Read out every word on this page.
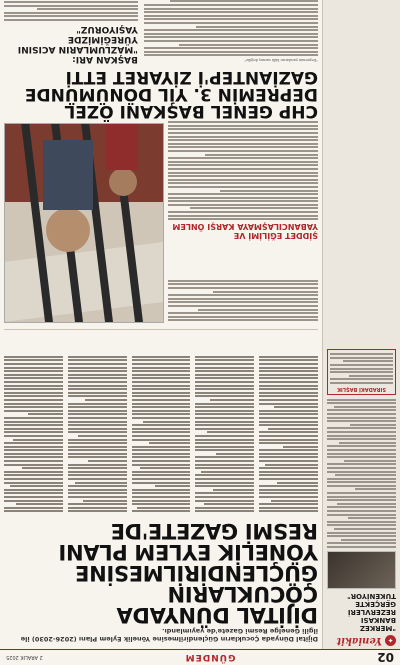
02
GÜNDEM
2 ARALIK 2025
✦
Yeniakit
"MERKEZ BANKASI REZERVLERİ GERÇEKTE TÜKENİYOR"
SIRADAKİ BAŞLIK
Dijital Dünyada Çocukların Güçlendirilmesine Yönelik Eylem Planı (2026-2030) ile ilgili Genelge Resmi Gazete'de yayımlandı.
DİJİTAL DÜNYADA ÇOCUKLARIN GÜÇLENDİRİLMESİNE YÖNELİK EYLEM PLANI RESMİ GAZETE'DE
ŞİDDET EĞİLİMİ VE YABANCILAŞMAYA KARŞI ÖNLEM
CHP GENEL BAŞKANI ÖZEL DEPREMİN 3. YIL DÖNÜMÜNDE GAZİANTEP'İ ZİYARET ETTİ
"Depremin yaralarını hâlâ sarmış değiliz"
BAŞKAN ARI: "MAZLUMLARIN ACISINI YÜREĞİMİZDE YAŞIYORUZ"
